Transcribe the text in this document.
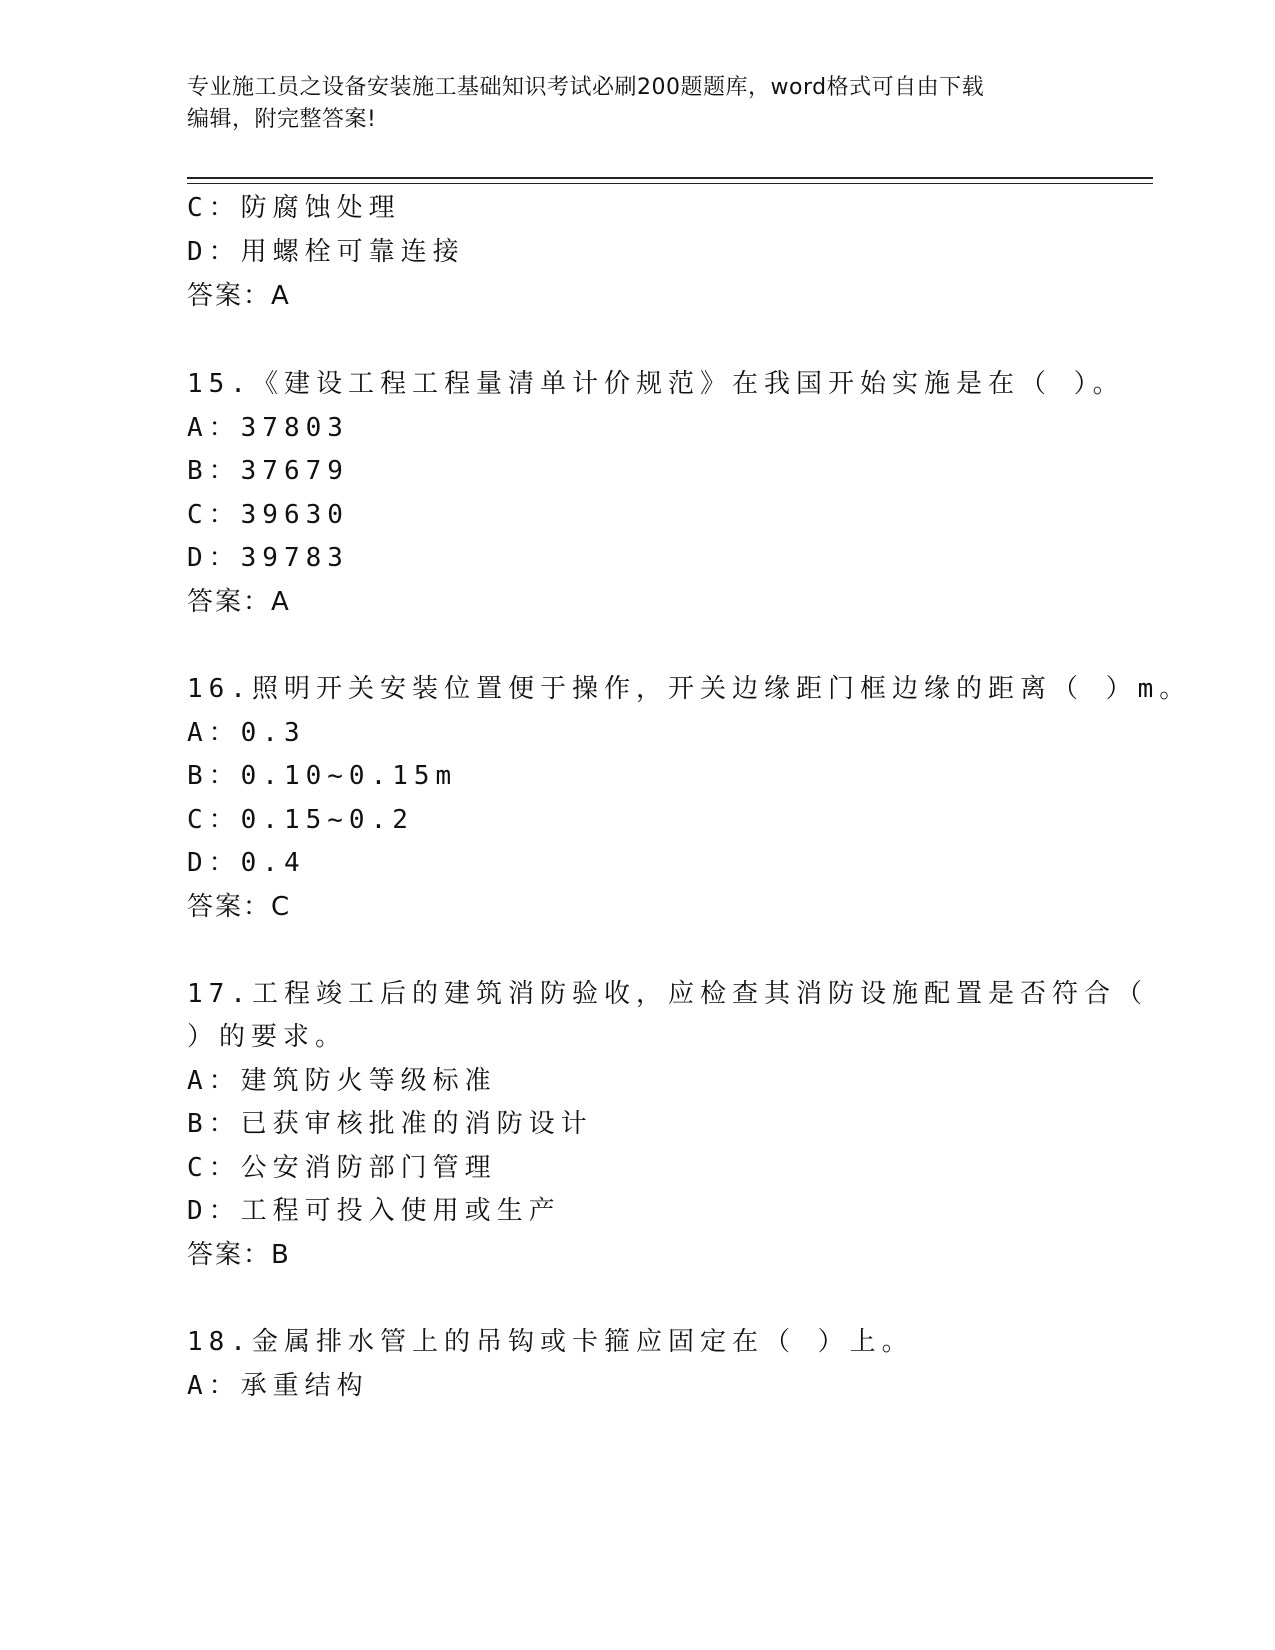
专业施工员之设备安装施工基础知识考试必刷200题题库，word格式可自由下载
编辑，附完整答案!
C：防腐蚀处理
D：用螺栓可靠连接
答案：A
15.《建设工程工程量清单计价规范》在我国开始实施是在（ ）。
A：37803
B：37679
C：39630
D：39783
答案：A
16.照明开关安装位置便于操作，开关边缘距门框边缘的距离（ ）m。
A：0.3
B：0.10~0.15m
C：0.15~0.2
D：0.4
答案：C
17.工程竣工后的建筑消防验收，应检查其消防设施配置是否符合（
）的要求。
A：建筑防火等级标准
B：已获审核批准的消防设计
C：公安消防部门管理
D：工程可投入使用或生产
答案：B
18.金属排水管上的吊钩或卡箍应固定在（ ）上。
A：承重结构
